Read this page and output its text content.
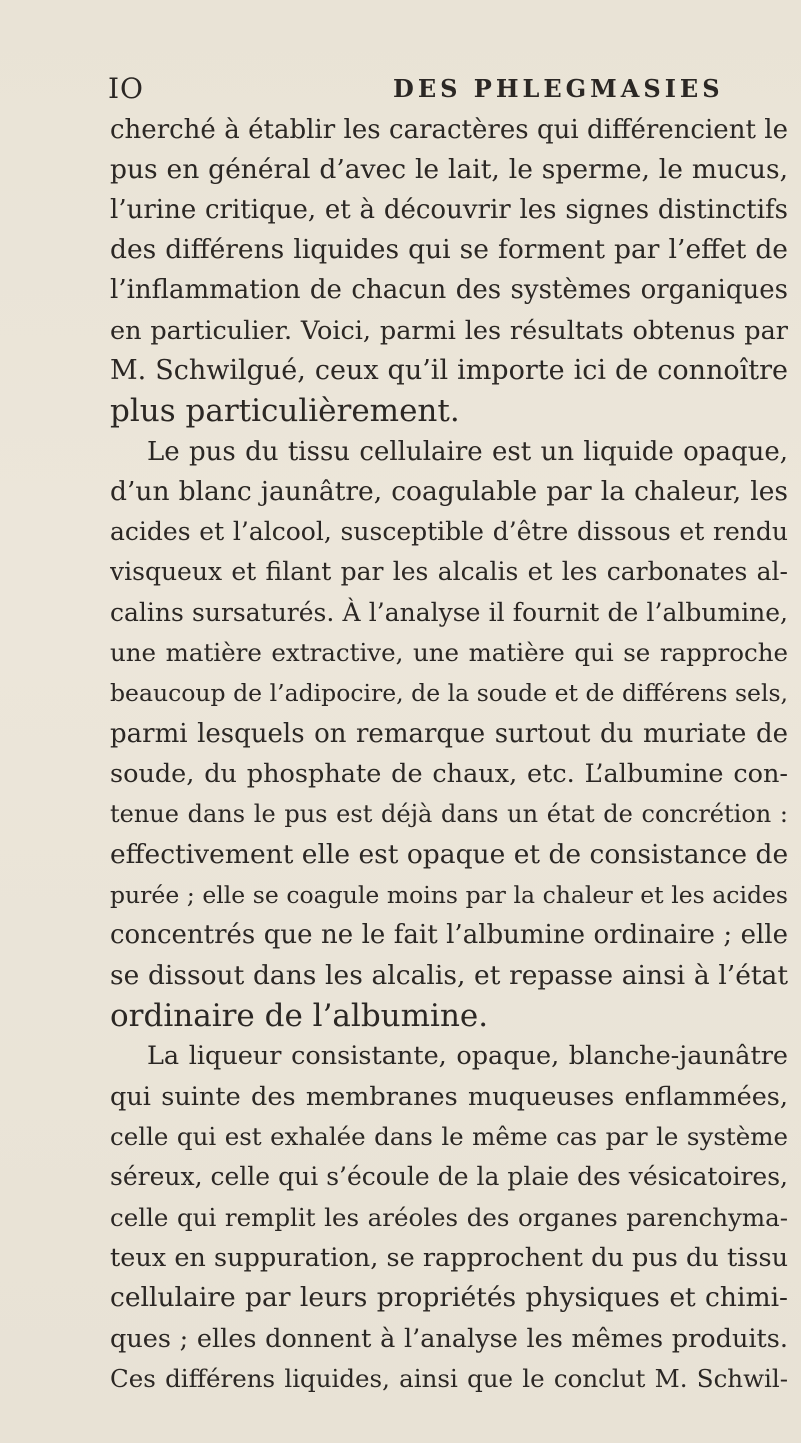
IO	DES PHLEGMASIES
cherché à établir les caractères qui différencient le
pus en général d’avec le lait, le sperme, le mucus,
l’urine critique, et à découvrir les signes distinctifs
des différens liquides qui se forment par l’effet de
l’inflammation de chacun des systèmes organiques
en particulier. Voici, parmi les résultats obtenus par
M. Schwilgué, ceux qu’il importe ici de connoître
plus particulièrement.
Le pus du tissu cellulaire est un liquide opaque,
d’un blanc jaunâtre, coagulable par la chaleur, les
acides et l’alcool, susceptible d’être dissous et rendu
visqueux et filant par les alcalis et les carbonates al-
calins sursaturés. À l’analyse il fournit de l’albumine,
une matière extractive, une matière qui se rapproche
beaucoup de l’adipocire, de la soude et de différens sels,
parmi lesquels on remarque surtout du muriate de
soude, du phosphate de chaux, etc. L’albumine con-
tenue dans le pus est déjà dans un état de concrétion :
effectivement elle est opaque et de consistance de
purée ; elle se coagule moins par la chaleur et les acides
concentrés que ne le fait l’albumine ordinaire ; elle
se dissout dans les alcalis, et repasse ainsi à l’état
ordinaire de l’albumine.
La liqueur consistante, opaque, blanche-jaunâtre
qui suinte des membranes muqueuses enflammées,
celle qui est exhalée dans le même cas par le système
séreux, celle qui s’écoule de la plaie des vésicatoires,
celle qui remplit les aréoles des organes parenchyma-
teux en suppuration, se rapprochent du pus du tissu
cellulaire par leurs propriétés physiques et chimi-
ques ; elles donnent à l’analyse les mêmes produits.
Ces différens liquides, ainsi que le conclut M. Schwil-
